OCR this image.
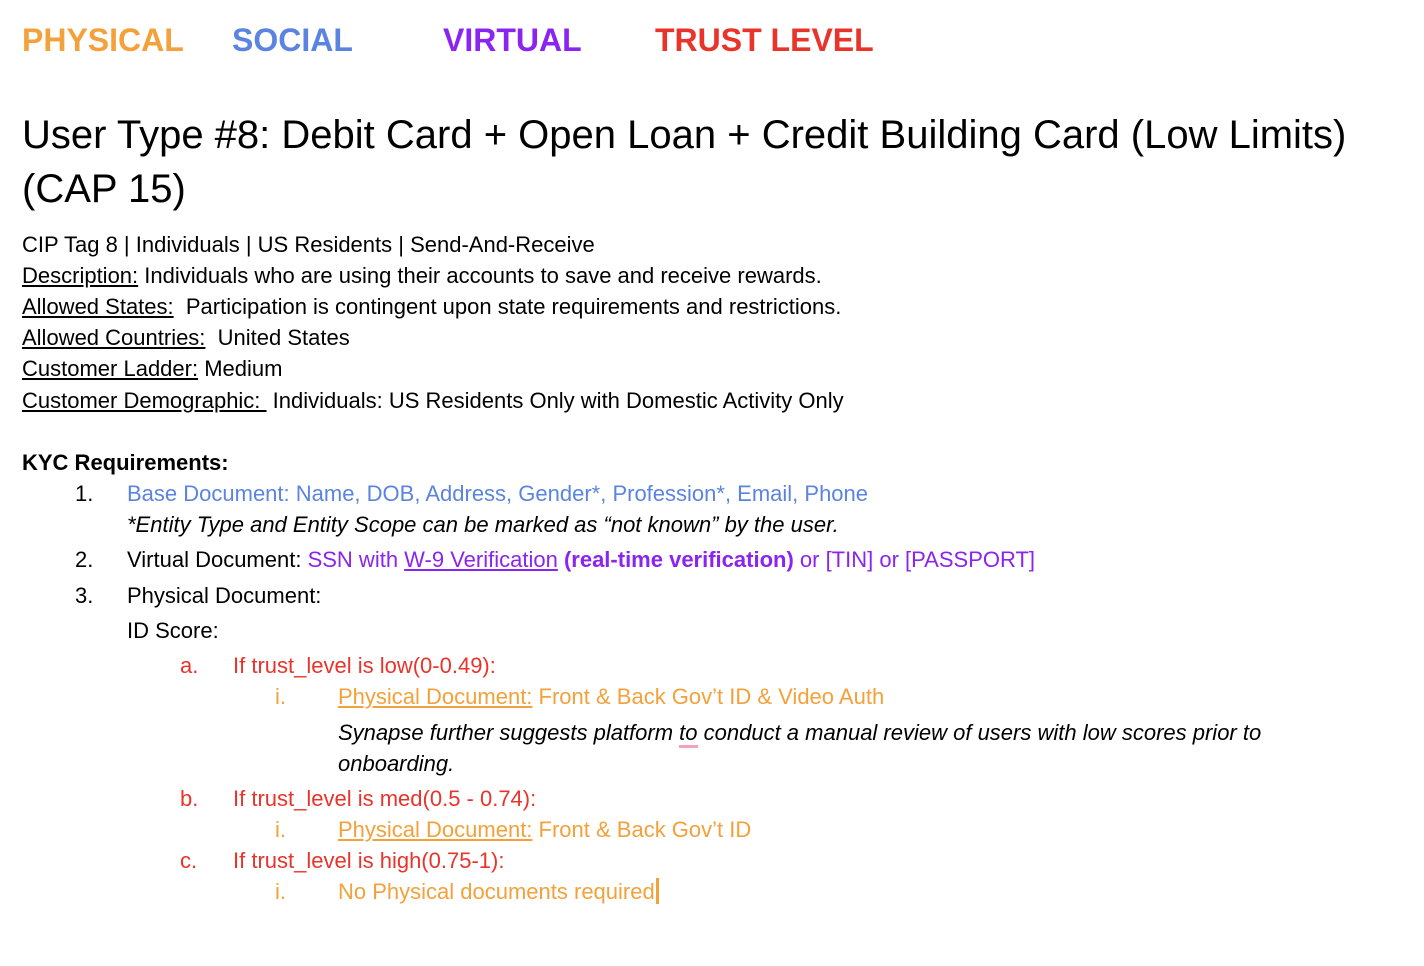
PHYSICAL SOCIAL	VIRTUAL TRUST LEVEL
User Type #8: Debit Card + Open Loan + Credit Building Card (Low Limits) (CAP 15)
CIP Tag 8 | Individuals | US Residents | Send-And-Receive
Description: Individuals who are using their accounts to save and receive rewards.
Allowed States:  Participation is contingent upon state requirements and restrictions.
Allowed Countries:  United States
Customer Ladder: Medium
Customer Demographic:  Individuals: US Residents Only with Domestic Activity Only
KYC Requirements:
1. Base Document: Name, DOB, Address, Gender*, Profession*, Email, Phone
*Entity Type and Entity Scope can be marked as “not known” by the user.
2. Virtual Document: SSN with W-9 Verification (real-time verification) or [TIN] or [PASSPORT]
3. Physical Document:
ID Score:
a. If trust_level is low(0-0.49):
i. Physical Document: Front & Back Gov’t ID & Video Auth
Synapse further suggests platform to conduct a manual review of users with low scores prior to
onboarding.
b. If trust_level is med(0.5 - 0.74):
i. Physical Document: Front & Back Gov’t ID
c. If trust_level is high(0.75-1):
i. No Physical documents required
